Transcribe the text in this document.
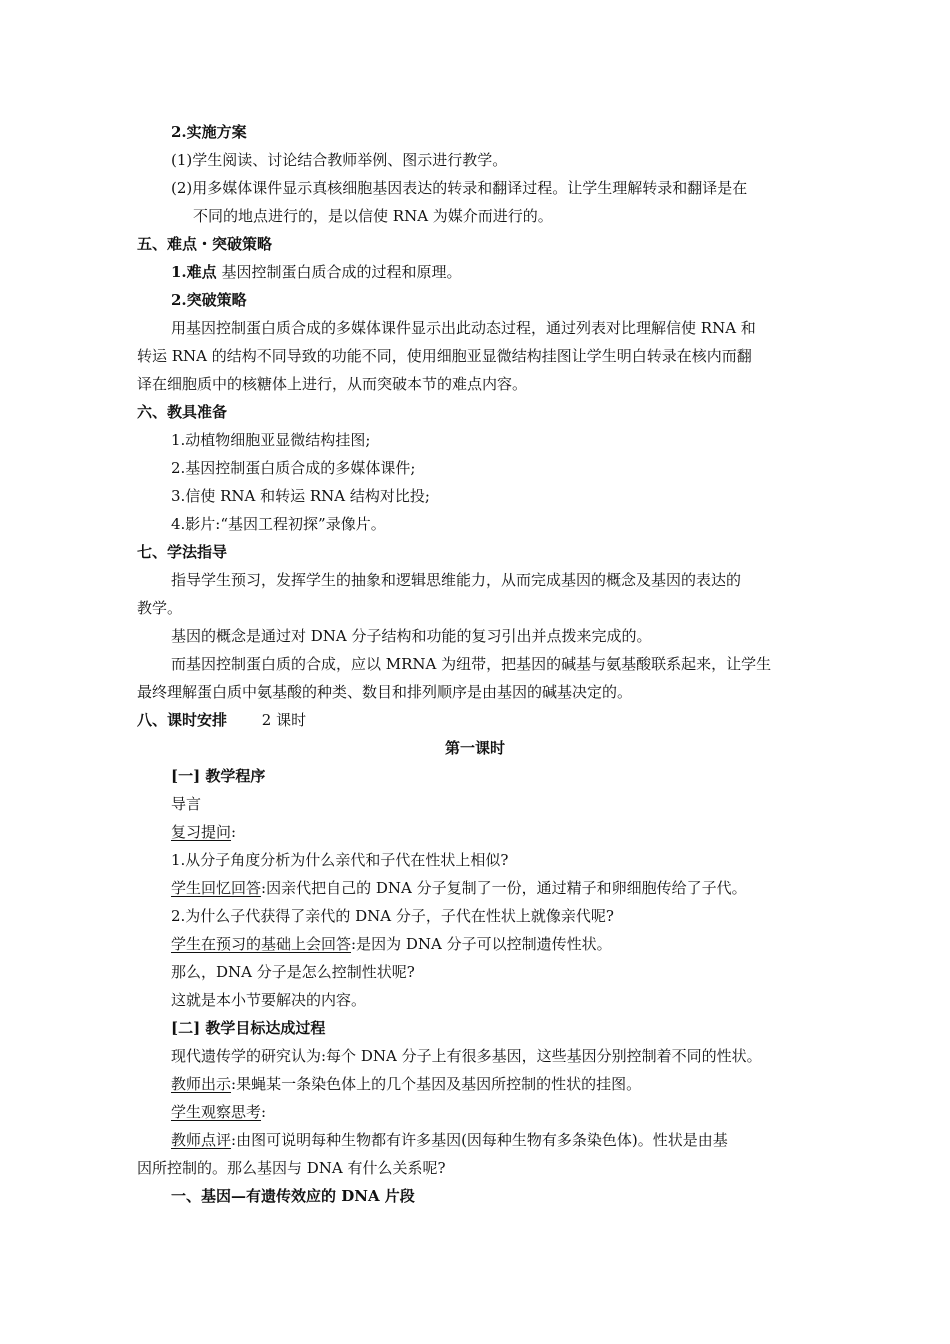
2.实施方案
(1)学生阅读、讨论结合教师举例、图示进行教学。
(2)用多媒体课件显示真核细胞基因表达的转录和翻译过程。让学生理解转录和翻译是在
不同的地点进行的，是以信使 RNA 为媒介而进行的。
五、难点・突破策略
1.难点 基因控制蛋白质合成的过程和原理。
2.突破策略
用基因控制蛋白质合成的多媒体课件显示出此动态过程，通过列表对比理解信使 RNA 和
转运 RNA 的结构不同导致的功能不同，使用细胞亚显微结构挂图让学生明白转录在核内而翻
译在细胞质中的核糖体上进行，从而突破本节的难点内容。
六、教具准备
1.动植物细胞亚显微结构挂图;
2.基因控制蛋白质合成的多媒体课件;
3.信使 RNA 和转运 RNA 结构对比投;
4.影片:“基因工程初探”录像片。
七、学法指导
指导学生预习，发挥学生的抽象和逻辑思维能力，从而完成基因的概念及基因的表达的
教学。
基因的概念是通过对 DNA 分子结构和功能的复习引出并点拨来完成的。
而基因控制蛋白质的合成，应以 MRNA 为纽带，把基因的碱基与氨基酸联系起来，让学生
最终理解蛋白质中氨基酸的种类、数目和排列顺序是由基因的碱基决定的。
八、课时安排 2 课时
第一课时
[一] 教学程序
导言
复习提问:
1.从分子角度分析为什么亲代和子代在性状上相似?
学生回忆回答:因亲代把自己的 DNA 分子复制了一份，通过精子和卵细胞传给了子代。
2.为什么子代获得了亲代的 DNA 分子，子代在性状上就像亲代呢?
学生在预习的基础上会回答:是因为 DNA 分子可以控制遗传性状。
那么，DNA 分子是怎么控制性状呢?
这就是本小节要解决的内容。
[二] 教学目标达成过程
现代遗传学的研究认为:每个 DNA 分子上有很多基因，这些基因分别控制着不同的性状。
教师出示:果蝇某一条染色体上的几个基因及基因所控制的性状的挂图。
学生观察思考:
教师点评:由图可说明每种生物都有许多基因(因每种生物有多条染色体)。性状是由基
因所控制的。那么基因与 DNA 有什么关系呢?
一、基因—有遗传效应的 DNA 片段
